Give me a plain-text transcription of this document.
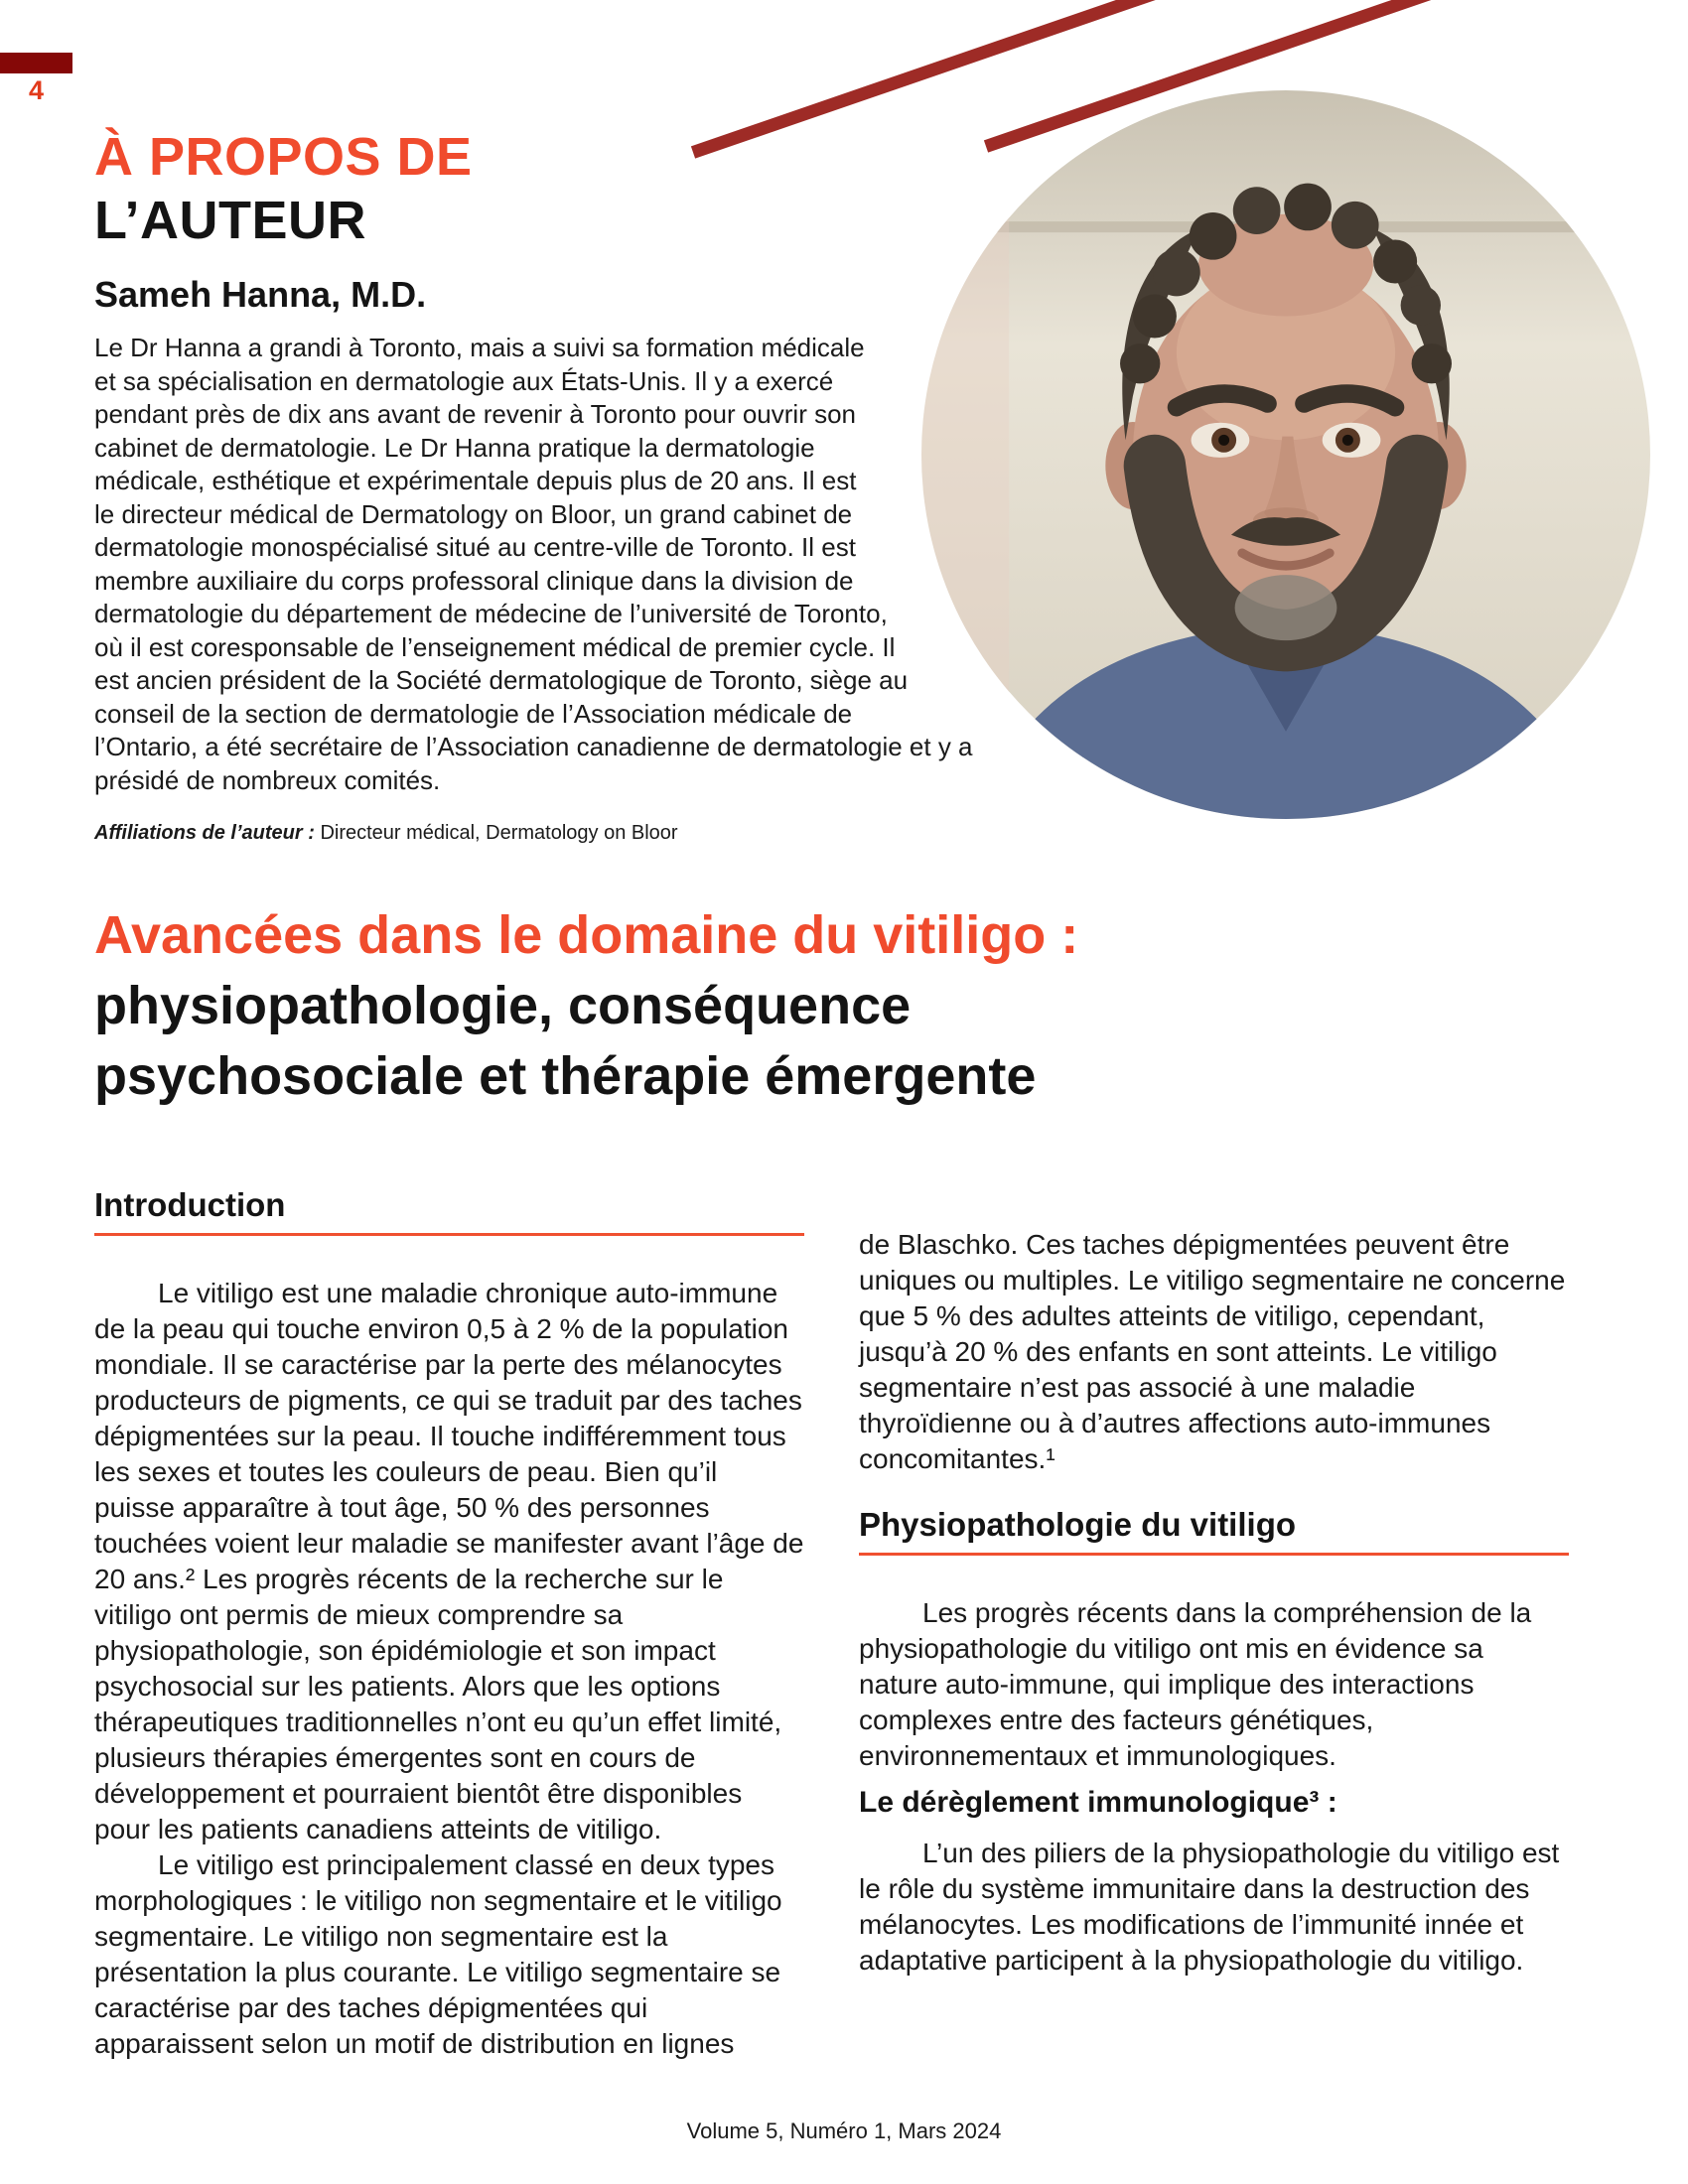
4
À PROPOS DE
L’AUTEUR
Sameh Hanna, M.D.

Le Dr Hanna a grandi à Toronto, mais a suivi sa formation médicale et sa spécialisation en dermatologie aux États-Unis. Il y a exercé pendant près de dix ans avant de revenir à Toronto pour ouvrir son cabinet de dermatologie. Le Dr Hanna pratique la dermatologie médicale, esthétique et expérimentale depuis plus de 20 ans. Il est le directeur médical de Dermatology on Bloor, un grand cabinet de dermatologie monospécialisé situé au centre-ville de Toronto. Il est membre auxiliaire du corps professoral clinique dans la division de dermatologie du département de médecine de l’université de Toronto, où il est coresponsable de l’enseignement médical de premier cycle. Il est ancien président de la Société dermatologique de Toronto, siège au conseil de la section de dermatologie de l’Association médicale de l’Ontario, a été secrétaire de l’Association canadienne de dermatologie et y a présidé de nombreux comités.

Affiliations de l’auteur : Directeur médical, Dermatology on Bloor

Avancées dans le domaine du vitiligo :
physiopathologie, conséquence
psychosociale et thérapie émergente
Introduction

Le vitiligo est une maladie chronique auto-immune de la peau qui touche environ 0,5 à 2 % de la population mondiale. Il se caractérise par la perte des mélanocytes producteurs de pigments, ce qui se traduit par des taches dépigmentées sur la peau. Il touche indifféremment tous les sexes et toutes les couleurs de peau. Bien qu’il puisse apparaître à tout âge, 50 % des personnes touchées voient leur maladie se manifester avant l’âge de 20 ans.² Les progrès récents de la recherche sur le vitiligo ont permis de mieux comprendre sa physiopathologie, son épidémiologie et son impact psychosocial sur les patients. Alors que les options thérapeutiques traditionnelles n’ont eu qu’un effet limité, plusieurs thérapies émergentes sont en cours de développement et pourraient bientôt être disponibles pour les patients canadiens atteints de vitiligo.

Le vitiligo est principalement classé en deux types morphologiques : le vitiligo non segmentaire et le vitiligo segmentaire. Le vitiligo non segmentaire est la présentation la plus courante. Le vitiligo segmentaire se caractérise par des taches dépigmentées qui apparaissent selon un motif de distribution en lignes

de Blaschko. Ces taches dépigmentées peuvent être uniques ou multiples. Le vitiligo segmentaire ne concerne que 5 % des adultes atteints de vitiligo, cependant, jusqu’à 20 % des enfants en sont atteints. Le vitiligo segmentaire n’est pas associé à une maladie thyroïdienne ou à d’autres affections auto-immunes concomitantes.¹

Physiopathologie du vitiligo

Les progrès récents dans la compréhension de la physiopathologie du vitiligo ont mis en évidence sa nature auto-immune, qui implique des interactions complexes entre des facteurs génétiques, environnementaux et immunologiques.

Le dérèglement immunologique³ :

L’un des piliers de la physiopathologie du vitiligo est le rôle du système immunitaire dans la destruction des mélanocytes. Les modifications de l’immunité innée et adaptative participent à la physiopathologie du vitiligo.

Volume 5, Numéro 1, Mars 2024
